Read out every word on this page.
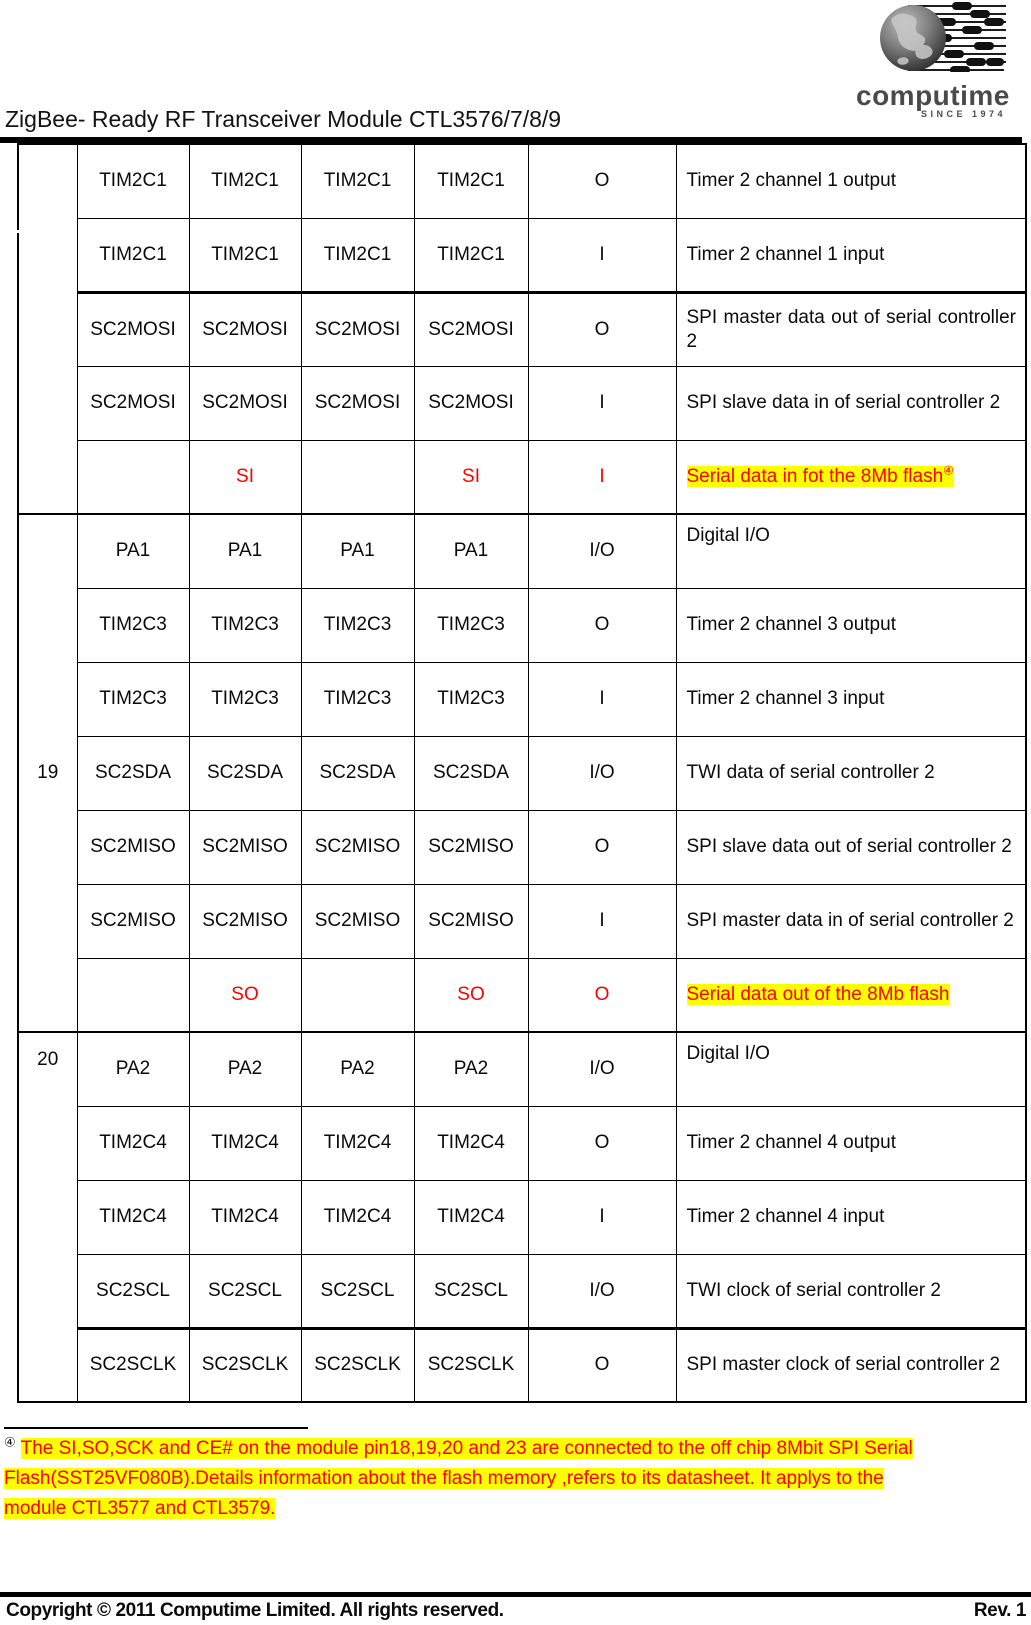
computime
SINCE 1974
ZigBee- Ready RF Transceiver Module CTL3576/7/8/9
	TIM2C1	TIM2C1	TIM2C1	TIM2C1	O	Timer 2 channel 1 output
	TIM2C1	TIM2C1	TIM2C1	TIM2C1	I	Timer 2 channel 1 input
	SC2MOSI	SC2MOSI	SC2MOSI	SC2MOSI	O	SPI master data out of serial controller 2
	SC2MOSI	SC2MOSI	SC2MOSI	SC2MOSI	I	SPI slave data in of serial controller 2
		SI		SI	I	Serial data in fot the 8Mb flash④
19	PA1	PA1	PA1	PA1	I/O	Digital I/O
	TIM2C3	TIM2C3	TIM2C3	TIM2C3	O	Timer 2 channel 3 output
	TIM2C3	TIM2C3	TIM2C3	TIM2C3	I	Timer 2 channel 3 input
	SC2SDA	SC2SDA	SC2SDA	SC2SDA	I/O	TWI data of serial controller 2
	SC2MISO	SC2MISO	SC2MISO	SC2MISO	O	SPI slave data out of serial controller 2
	SC2MISO	SC2MISO	SC2MISO	SC2MISO	I	SPI master data in of serial controller 2
		SO		SO	O	Serial data out of the 8Mb flash
20	PA2	PA2	PA2	PA2	I/O	Digital I/O
	TIM2C4	TIM2C4	TIM2C4	TIM2C4	O	Timer 2 channel 4 output
	TIM2C4	TIM2C4	TIM2C4	TIM2C4	I	Timer 2 channel 4 input
	SC2SCL	SC2SCL	SC2SCL	SC2SCL	I/O	TWI clock of serial controller 2
	SC2SCLK	SC2SCLK	SC2SCLK	SC2SCLK	O	SPI master clock of serial controller 2
④ The SI,SO,SCK and CE# on the module pin18,19,20 and 23 are connected to the off chip 8Mbit SPI Serial Flash(SST25VF080B).Details information about the flash memory ,refers to its datasheet. It applys to the module CTL3577 and CTL3579.
Copyright © 2011 Computime Limited. All rights reserved.	Rev. 1
